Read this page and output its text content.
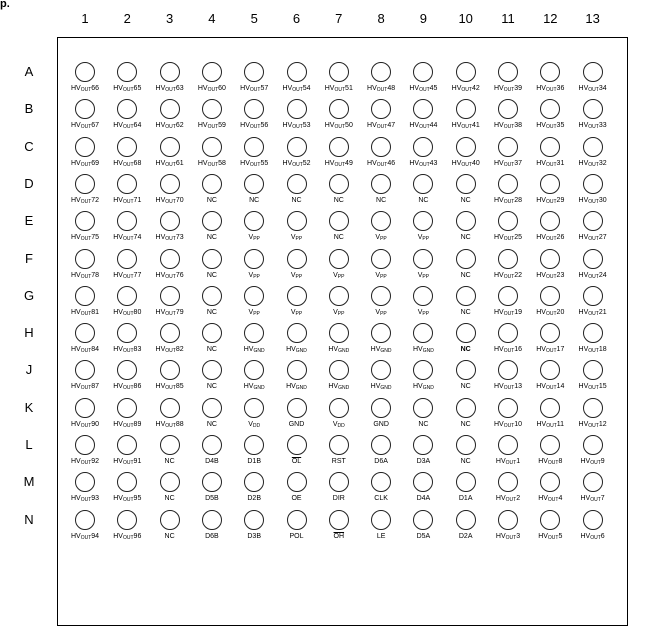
p.
1	2	3	4	5	6	7	8	9	10	11	12	13
A
$HV_{OUT}66$	$HV_{OUT}65$	$HV_{OUT}63$	$HV_{OUT}60$	$HV_{OUT}57$	$HV_{OUT}54$	$HV_{OUT}51$	$HV_{OUT}48$	$HV_{OUT}45$	$HV_{OUT}42$	$HV_{OUT}39$	$HV_{OUT}36$	$HV_{OUT}34$
B
$HV_{OUT}67$	$HV_{OUT}64$	$HV_{OUT}62$	$HV_{OUT}59$	$HV_{OUT}56$	$HV_{OUT}53$	$HV_{OUT}50$	$HV_{OUT}47$	$HV_{OUT}44$	$HV_{OUT}41$	$HV_{OUT}38$	$HV_{OUT}35$	$HV_{OUT}33$
C
$HV_{OUT}69$	$HV_{OUT}68$	$HV_{OUT}61$	$HV_{OUT}58$	$HV_{OUT}55$	$HV_{OUT}52$	$HV_{OUT}49$	$HV_{OUT}46$	$HV_{OUT}43$	$HV_{OUT}40$	$HV_{OUT}37$	$HV_{OUT}31$	$HV_{OUT}32$
D
$HV_{OUT}72$	$HV_{OUT}71$	$HV_{OUT}70$	NC	NC	NC	NC	NC	NC	NC	$HV_{OUT}28$	$HV_{OUT}29$	$HV_{OUT}30$
E
$HV_{OUT}75$	$HV_{OUT}74$	$HV_{OUT}73$	NC	$V_{PP}$	$V_{PP}$	NC	$V_{PP}$	$V_{PP}$	NC	$HV_{OUT}25$	$HV_{OUT}26$	$HV_{OUT}27$
F
$HV_{OUT}78$	$HV_{OUT}77$	$HV_{OUT}76$	NC	$V_{PP}$	$V_{PP}$	$V_{PP}$	$V_{PP}$	$V_{PP}$	NC	$HV_{OUT}22$	$HV_{OUT}23$	$HV_{OUT}24$
G
$HV_{OUT}81$	$HV_{OUT}80$	$HV_{OUT}79$	NC	$V_{PP}$	$V_{PP}$	$V_{PP}$	$V_{PP}$	$V_{PP}$	NC	$HV_{OUT}19$	$HV_{OUT}20$	$HV_{OUT}21$
H
$HV_{OUT}84$	$HV_{OUT}83$	$HV_{OUT}82$	NC	$HV_{GND}$	$HV_{GND}$	$HV_{GND}$	$HV_{GND}$	$HV_{GND}$	NC	$HV_{OUT}16$	$HV_{OUT}17$	$HV_{OUT}18$
J
$HV_{OUT}87$	$HV_{OUT}86$	$HV_{OUT}85$	NC	$HV_{GND}$	$HV_{GND}$	$HV_{GND}$	$HV_{GND}$	$HV_{GND}$	NC	$HV_{OUT}13$	$HV_{OUT}14$	$HV_{OUT}15$
K
$HV_{OUT}90$	$HV_{OUT}89$	$HV_{OUT}88$	NC	$V_{DD}$	GND	$V_{DD}$	GND	NC	NC	$HV_{OUT}10$	$HV_{OUT}11$	$HV_{OUT}12$
L
$HV_{OUT}92$	$HV_{OUT}91$	NC	D4B	D1B	$\overline{OL}$	RST	D6A	D3A	NC	$HV_{OUT}1$	$HV_{OUT}8$	$HV_{OUT}9$
M
$HV_{OUT}93$	$HV_{OUT}95$	NC	D5B	D2B	OE	DIR	CLK	D4A	D1A	$HV_{OUT}2$	$HV_{OUT}4$	$HV_{OUT}7$
N
$HV_{OUT}94$	$HV_{OUT}96$	NC	D6B	D3B	POL	$\overline{OH}$	LE	D5A	D2A	$HV_{OUT}3$	$HV_{OUT}5$	$HV_{OUT}6$
